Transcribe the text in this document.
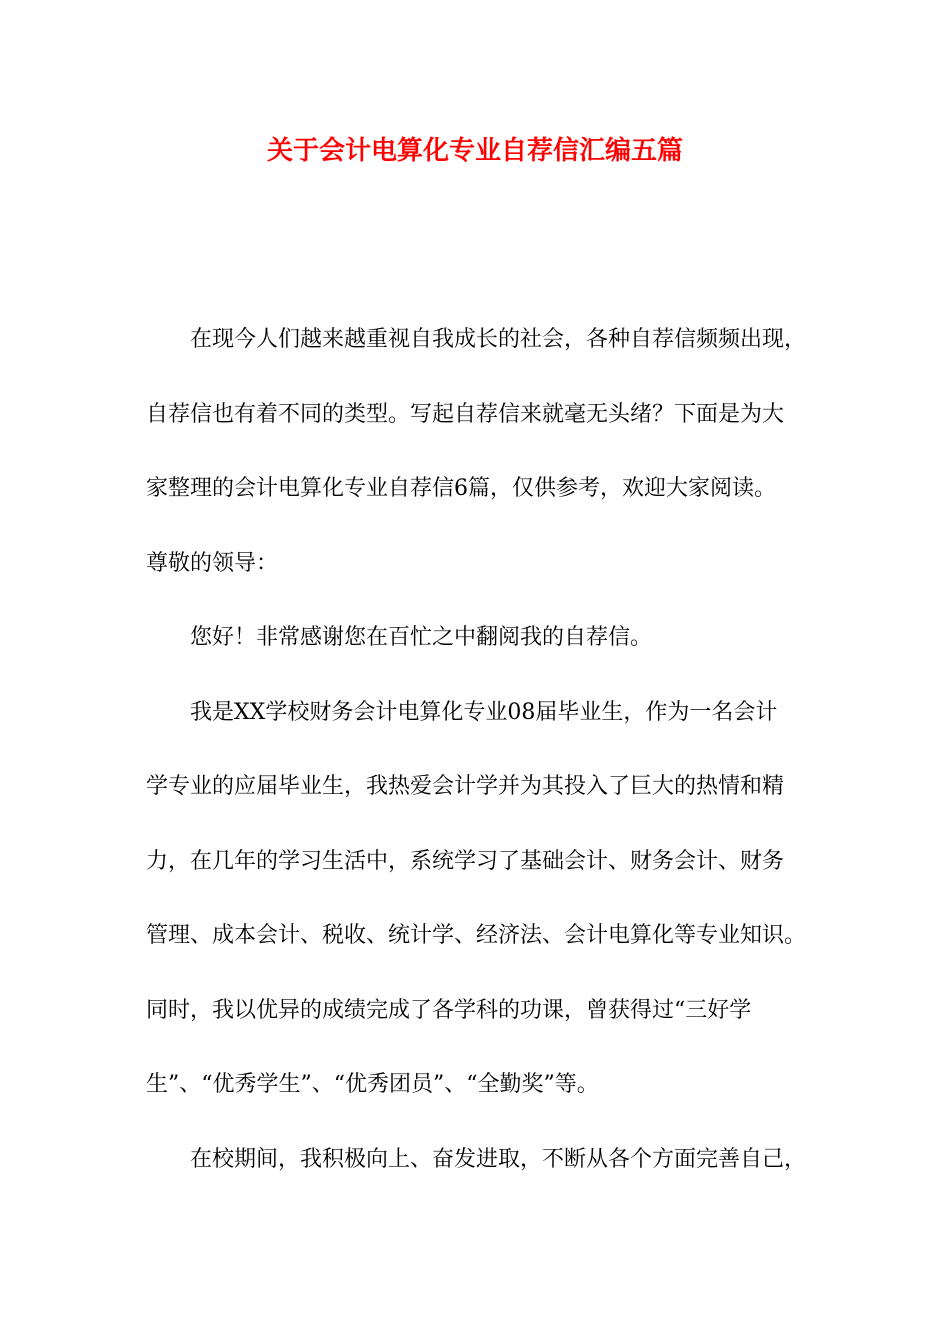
关于会计电算化专业自荐信汇编五篇
在现今人们越来越重视自我成长的社会，各种自荐信频频出现，
自荐信也有着不同的类型。写起自荐信来就毫无头绪？下面是为大
家整理的会计电算化专业自荐信6篇，仅供参考，欢迎大家阅读。
尊敬的领导：
您好！非常感谢您在百忙之中翻阅我的自荐信。
我是XX学校财务会计电算化专业08届毕业生，作为一名会计
学专业的应届毕业生，我热爱会计学并为其投入了巨大的热情和精
力，在几年的学习生活中，系统学习了基础会计、财务会计、财务
管理、成本会计、税收、统计学、经济法、会计电算化等专业知识。
同时，我以优异的成绩完成了各学科的功课，曾获得过“三好学
生”、“优秀学生”、“优秀团员”、“全勤奖”等。
在校期间，我积极向上、奋发进取，不断从各个方面完善自己，
